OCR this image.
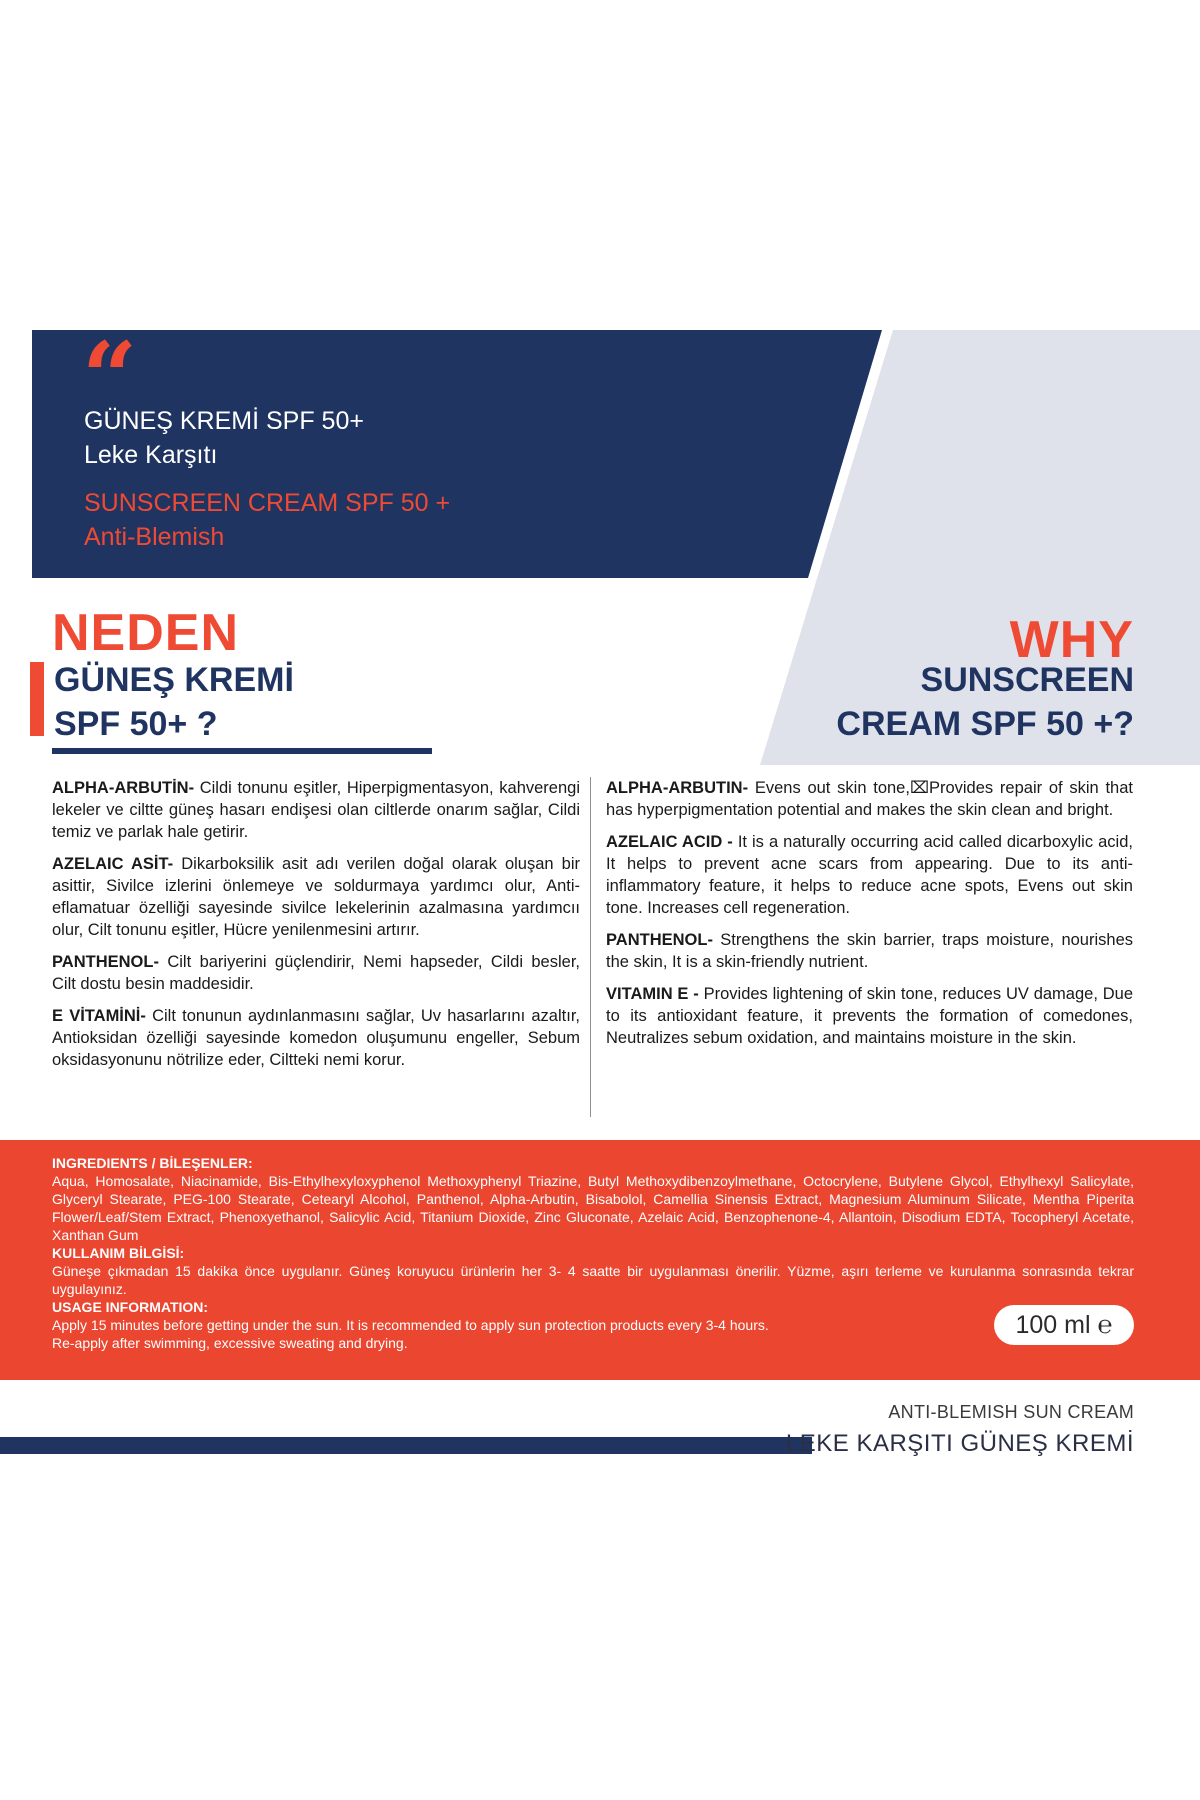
“
GÜNEŞ KREMİ SPF 50+
Leke Karşıtı
SUNSCREEN CREAM SPF 50 +
Anti-Blemish
NEDEN
GÜNEŞ KREMİ
SPF 50+ ?
WHY
SUNSCREEN
CREAM SPF 50 +?

ALPHA-ARBUTİN- Cildi tonunu eşitler, Hiperpigmentasyon, kahverengi lekeler ve ciltte güneş hasarı endişesi olan ciltlerde onarım sağlar, Cildi temiz ve parlak hale getirir.

AZELAIC ASİT- Dikarboksilik asit adı verilen doğal olarak oluşan bir asittir, Sivilce izlerini önlemeye ve soldurmaya yardımcı olur, Anti-eflamatuar özelliği sayesinde sivilce lekelerinin azalmasına yardımcıı olur, Cilt tonunu eşitler, Hücre yenilenmesini artırır.

PANTHENOL- Cilt bariyerini güçlendirir, Nemi hapseder, Cildi besler, Cilt dostu besin maddesidir.

E VİTAMİNİ- Cilt tonunun aydınlanmasını sağlar, Uv hasarlarını azaltır, Antioksidan özelliği sayesinde komedon oluşumunu engeller, Sebum oksidasyonunu nötrilize eder, Ciltteki nemi korur.

ALPHA-ARBUTIN- Evens out skin tone,⌧Provides repair of skin that has hyperpigmentation potential and makes the skin clean and bright.

AZELAIC ACID - It is a naturally occurring acid called dicarboxylic acid, It helps to prevent acne scars from appearing. Due to its anti-inflammatory feature, it helps to reduce acne spots, Evens out skin tone. Increases cell regeneration.

PANTHENOL- Strengthens the skin barrier, traps moisture, nourishes the skin, It is a skin-friendly nutrient.

VITAMIN E - Provides lightening of skin tone, reduces UV damage, Due to its antioxidant feature, it prevents the formation of comedones, Neutralizes sebum oxidation, and maintains moisture in the skin.

INGREDIENTS / BİLEŞENLER:

Aqua, Homosalate, Niacinamide, Bis-Ethylhexyloxyphenol Methoxyphenyl Triazine, Butyl Methoxydibenzoylmethane, Octocrylene, Butylene Glycol, Ethylhexyl Salicylate, Glyceryl Stearate, PEG-100 Stearate, Cetearyl Alcohol, Panthenol, Alpha-Arbutin, Bisabolol, Camellia Sinensis Extract, Magnesium Aluminum Silicate, Mentha Piperita Flower/Leaf/Stem Extract, Phenoxyethanol, Salicylic Acid, Titanium Dioxide, Zinc Gluconate, Azelaic Acid, Benzophenone-4, Allantoin, Disodium EDTA, Tocopheryl Acetate, Xanthan Gum

KULLANIM BİLGİSİ:

Güneşe çıkmadan 15 dakika önce uygulanır. Güneş koruyucu ürünlerin her 3- 4 saatte bir uygulanması önerilir. Yüzme, aşırı terleme ve kurulanma sonrasında tekrar uygulayınız.

USAGE INFORMATION:
Apply 15 minutes before getting under the sun. It is recommended to apply sun protection products every 3-4 hours.
Re-apply after swimming, excessive sweating and drying.
100 ml ℮
ANTI-BLEMISH SUN CREAM
LEKE KARŞITI GÜNEŞ KREMİ
